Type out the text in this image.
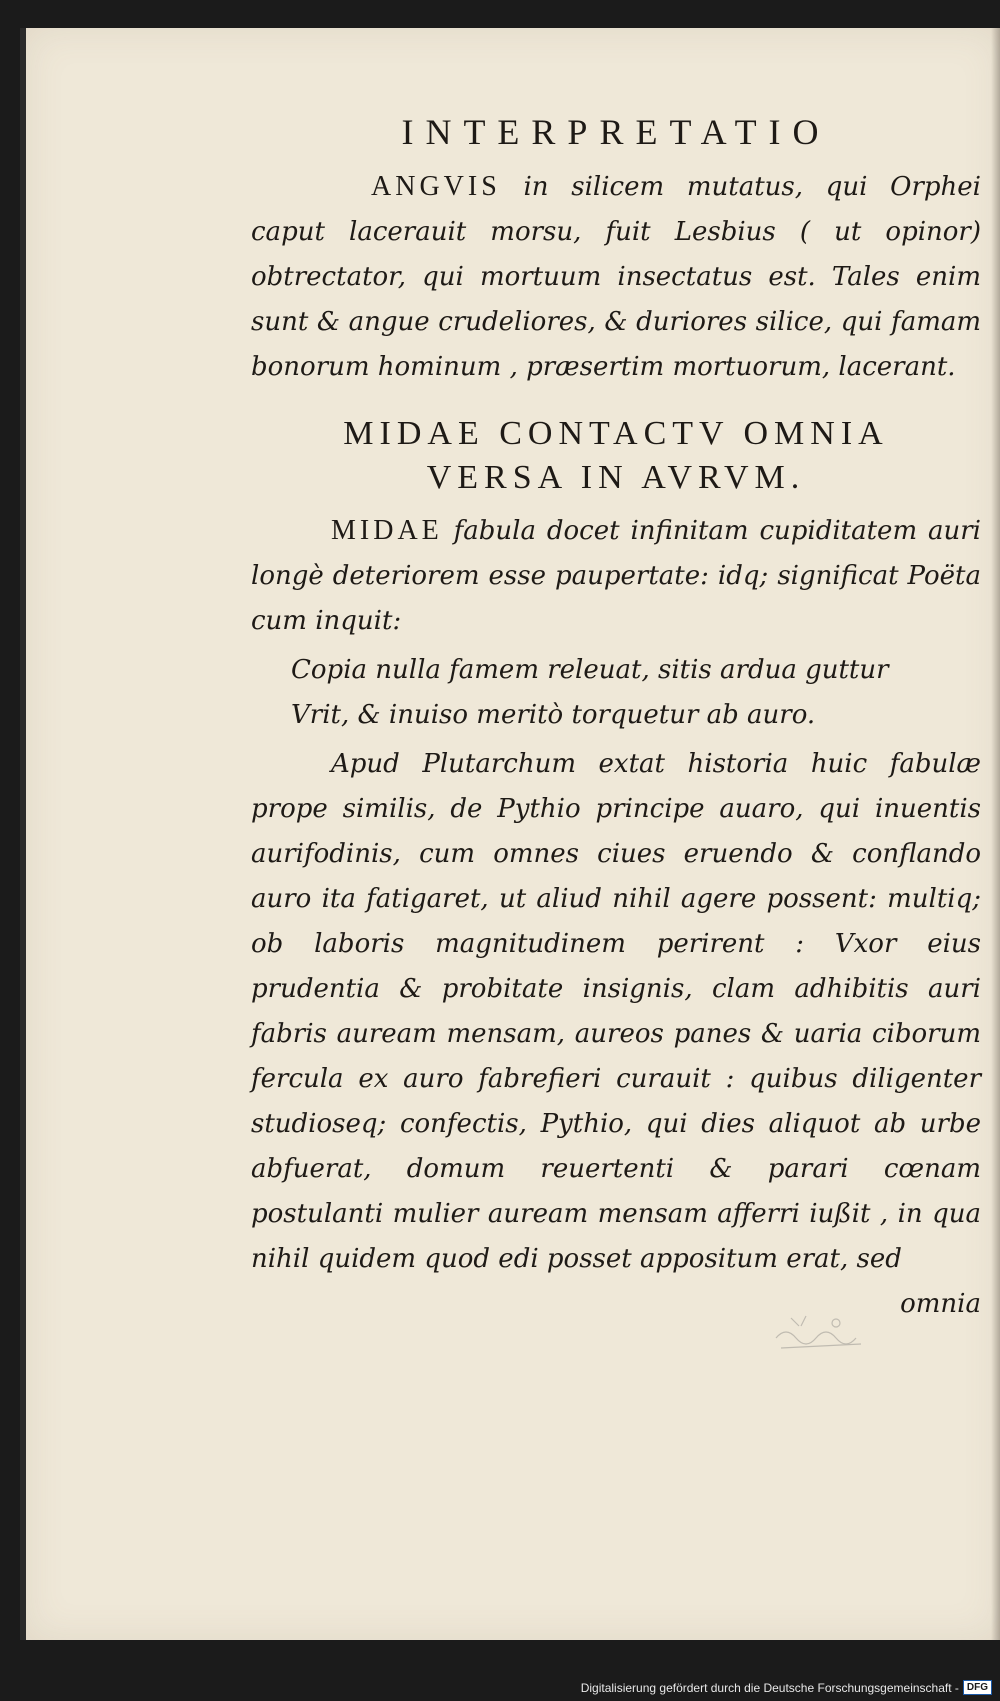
INTERPRETATIO

ANGVIS in silicem mutatus, qui Orphei caput lacerauit morsu, fuit Lesbius ( ut opinor) obtrectator, qui mortuum insectatus est. Tales enim sunt & angue crudeliores, & duriores silice, qui famam bonorum hominum , præsertim mortuorum, lacerant.

MIDAE CONTACTV OMNIA
VERSA IN AVRVM.

MIDAE fabula docet infinitam cupiditatem auri longè deteriorem esse paupertate: idq; significat Poëta cum inquit:

Copia nulla famem releuat, sitis ardua guttur
Vrit, & inuiso meritò torquetur ab auro.

Apud Plutarchum extat historia huic fabulæ prope similis, de Pythio principe auaro, qui inuentis aurifodinis, cum omnes ciues eruendo & conflando auro ita fatigaret, ut aliud nihil agere possent: multiq; ob laboris magnitudinem perirent : Vxor eius prudentia & probitate insignis, clam adhibitis auri fabris auream mensam, aureos panes & uaria ciborum fercula ex auro fabrefieri curauit : quibus diligenter studioseq; confectis, Pythio, qui dies aliquot ab urbe abfuerat, domum reuertenti & parari cœnam postulanti mulier auream mensam afferri iußit , in qua nihil quidem quod edi posset appositum erat, sed

omnia

Digitalisierung gefördert durch die Deutsche Forschungsgemeinschaft - DFG
